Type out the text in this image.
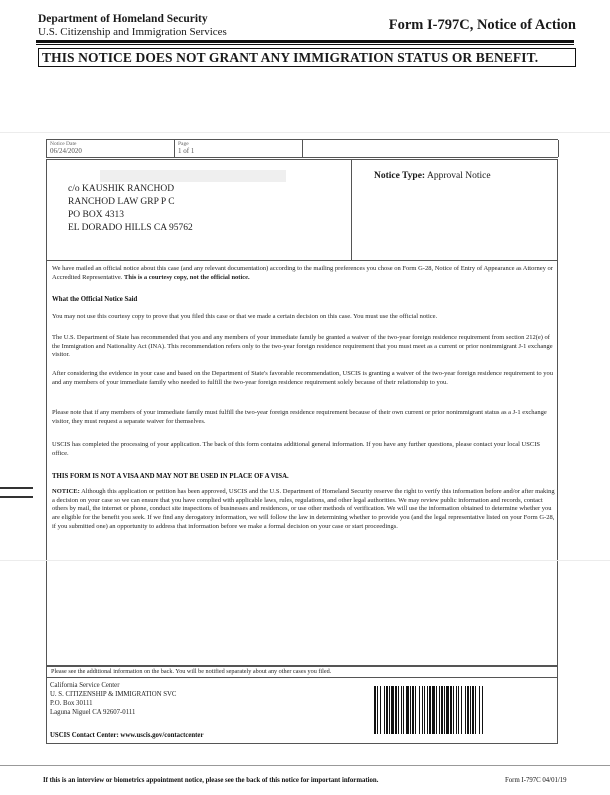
Department of Homeland Security
U.S. Citizenship and Immigration Services	Form I-797C, Notice of Action
THIS NOTICE DOES NOT GRANT ANY IMMIGRATION STATUS OR BENEFIT.
Notice Date
06/24/2020
Page
1 of 1
c/o KAUSHIK RANCHOD
RANCHOD LAW GRP P C
PO BOX 4313
EL DORADO HILLS CA 95762
Notice Type: Approval Notice
We have mailed an official notice about this case (and any relevant documentation) according to the mailing preferences you chose on Form G-28, Notice of Entry of Appearance as Attorney or Accredited Representative. This is a courtesy copy, not the official notice.
What the Official Notice Said
You may not use this courtesy copy to prove that you filed this case or that we made a certain decision on this case. You must use the official notice.
The U.S. Department of State has recommended that you and any members of your immediate family be granted a waiver of the two-year foreign residence requirement from section 212(e) of the Immigration and Nationality Act (INA). This recommendation refers only to the two-year foreign residence requirement that you must meet as a current or prior nonimmigrant J-1 exchange visitor.
After considering the evidence in your case and based on the Department of State's favorable recommendation, USCIS is granting a waiver of the two-year foreign residence requirement to you and any members of your immediate family who needed to fulfill the two-year foreign residence requirement solely because of their relationship to you.
Please note that if any members of your immediate family must fulfill the two-year foreign residence requirement because of their own current or prior nonimmigrant status as a J-1 exchange visitor, they must request a separate waiver for themselves.
USCIS has completed the processing of your application. The back of this form contains additional general information. If you have any further questions, please contact your local USCIS office.
THIS FORM IS NOT A VISA AND MAY NOT BE USED IN PLACE OF A VISA.
NOTICE: Although this application or petition has been approved, USCIS and the U.S. Department of Homeland Security reserve the right to verify this information before and/or after making a decision on your case so we can ensure that you have complied with applicable laws, rules, regulations, and other legal authorities. We may review public information and records, contact others by mail, the internet or phone, conduct site inspections of businesses and residences, or use other methods of verification. We will use the information obtained to determine whether you are eligible for the benefit you seek. If we find any derogatory information, we will follow the law in determining whether to provide you (and the legal representative listed on your Form G-28, if you submitted one) an opportunity to address that information before we make a formal decision on your case or start proceedings.
Please see the additional information on the back. You will be notified separately about any other cases you filed.
California Service Center
U. S. CITIZENSHIP & IMMIGRATION SVC
P.O. Box 30111
Laguna Niguel CA 92607-0111
USCIS Contact Center: www.uscis.gov/contactcenter
If this is an interview or biometrics appointment notice, please see the back of this notice for important information.	Form I-797C 04/01/19
